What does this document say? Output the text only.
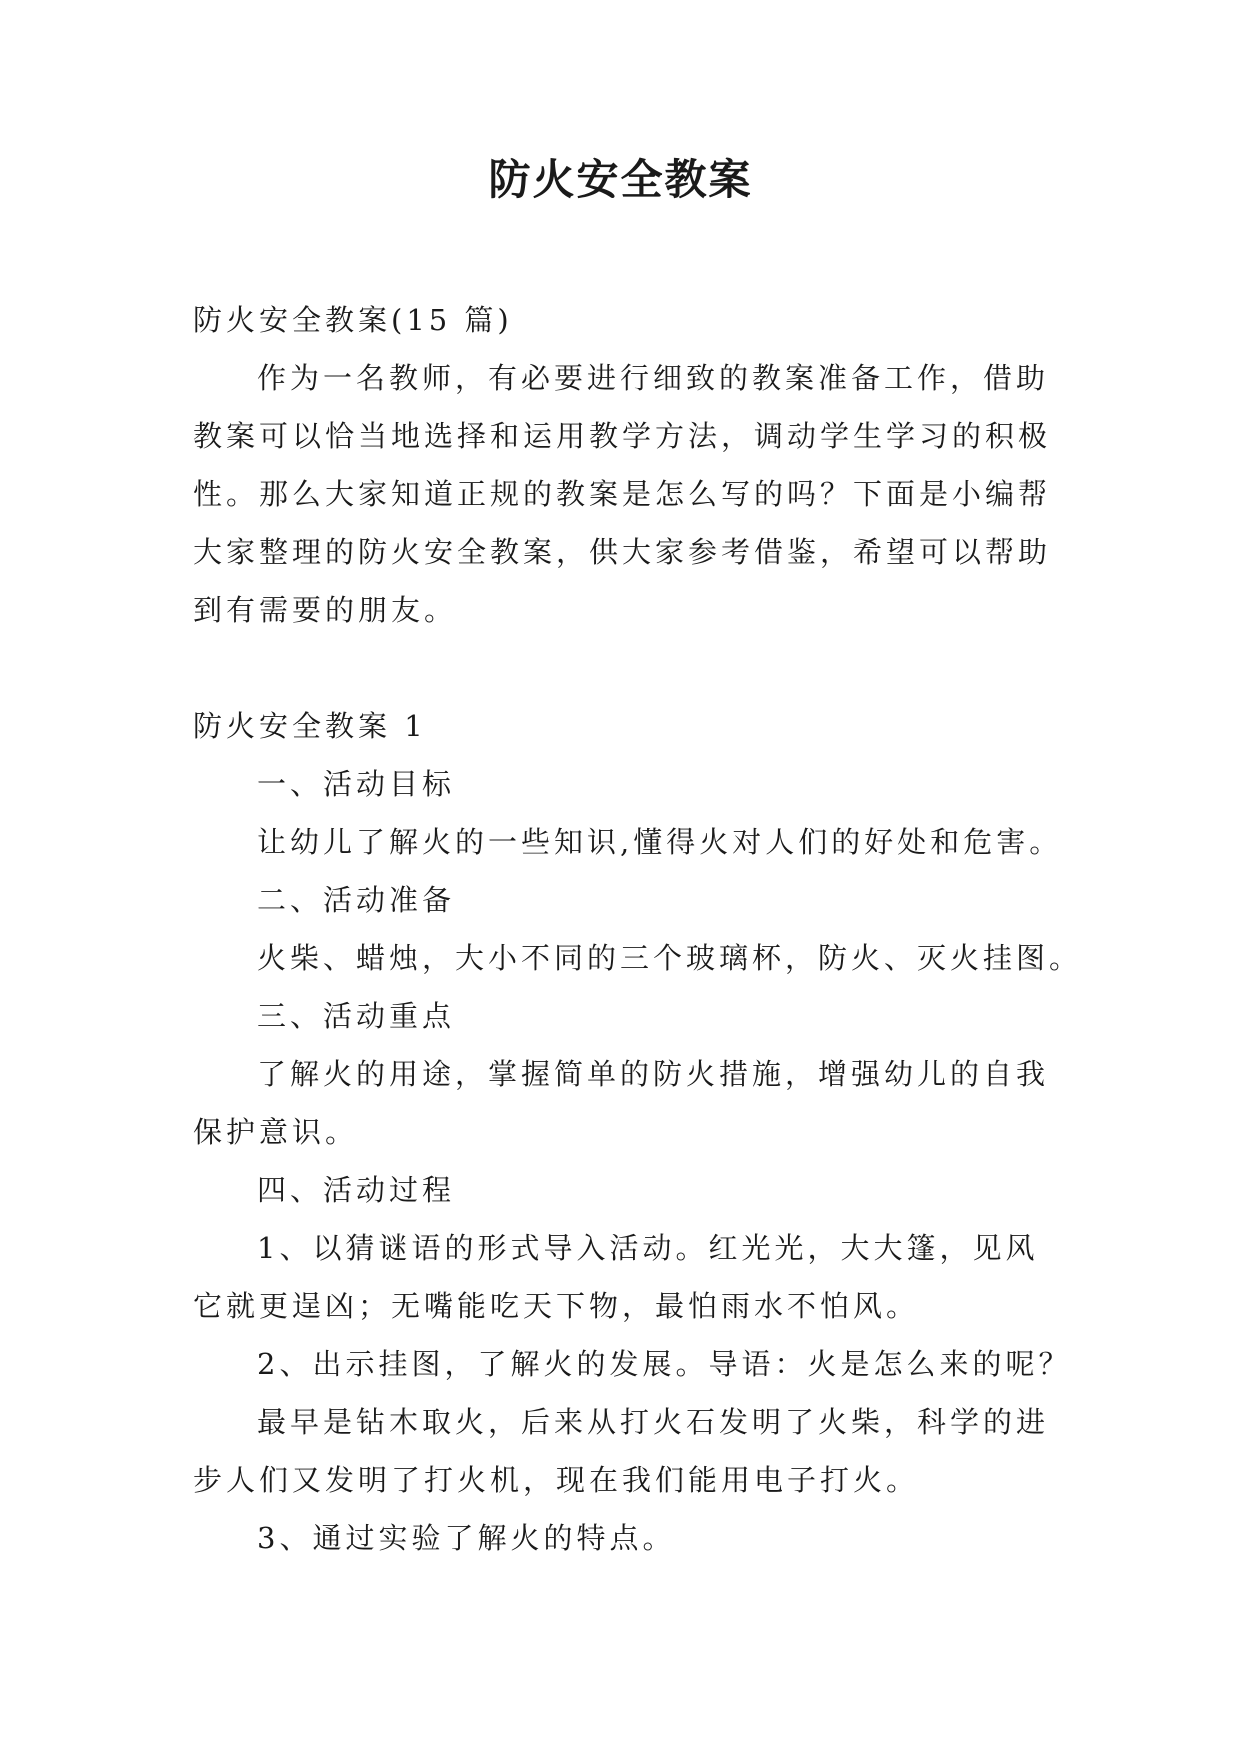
防火安全教案
防火安全教案(15 篇)
作为一名教师，有必要进行细致的教案准备工作，借助
教案可以恰当地选择和运用教学方法，调动学生学习的积极
性。那么大家知道正规的教案是怎么写的吗？下面是小编帮
大家整理的防火安全教案，供大家参考借鉴，希望可以帮助
到有需要的朋友。
防火安全教案 1
一、活动目标
让幼儿了解火的一些知识,懂得火对人们的好处和危害。
二、活动准备
火柴、蜡烛，大小不同的三个玻璃杯，防火、灭火挂图。
三、活动重点
了解火的用途，掌握简单的防火措施，增强幼儿的自我
保护意识。
四、活动过程
1、以猜谜语的形式导入活动。红光光，大大篷，见风
它就更逞凶；无嘴能吃天下物，最怕雨水不怕风。
2、出示挂图，了解火的发展。导语：火是怎么来的呢？
最早是钻木取火，后来从打火石发明了火柴，科学的进
步人们又发明了打火机，现在我们能用电子打火。
3、通过实验了解火的特点。
